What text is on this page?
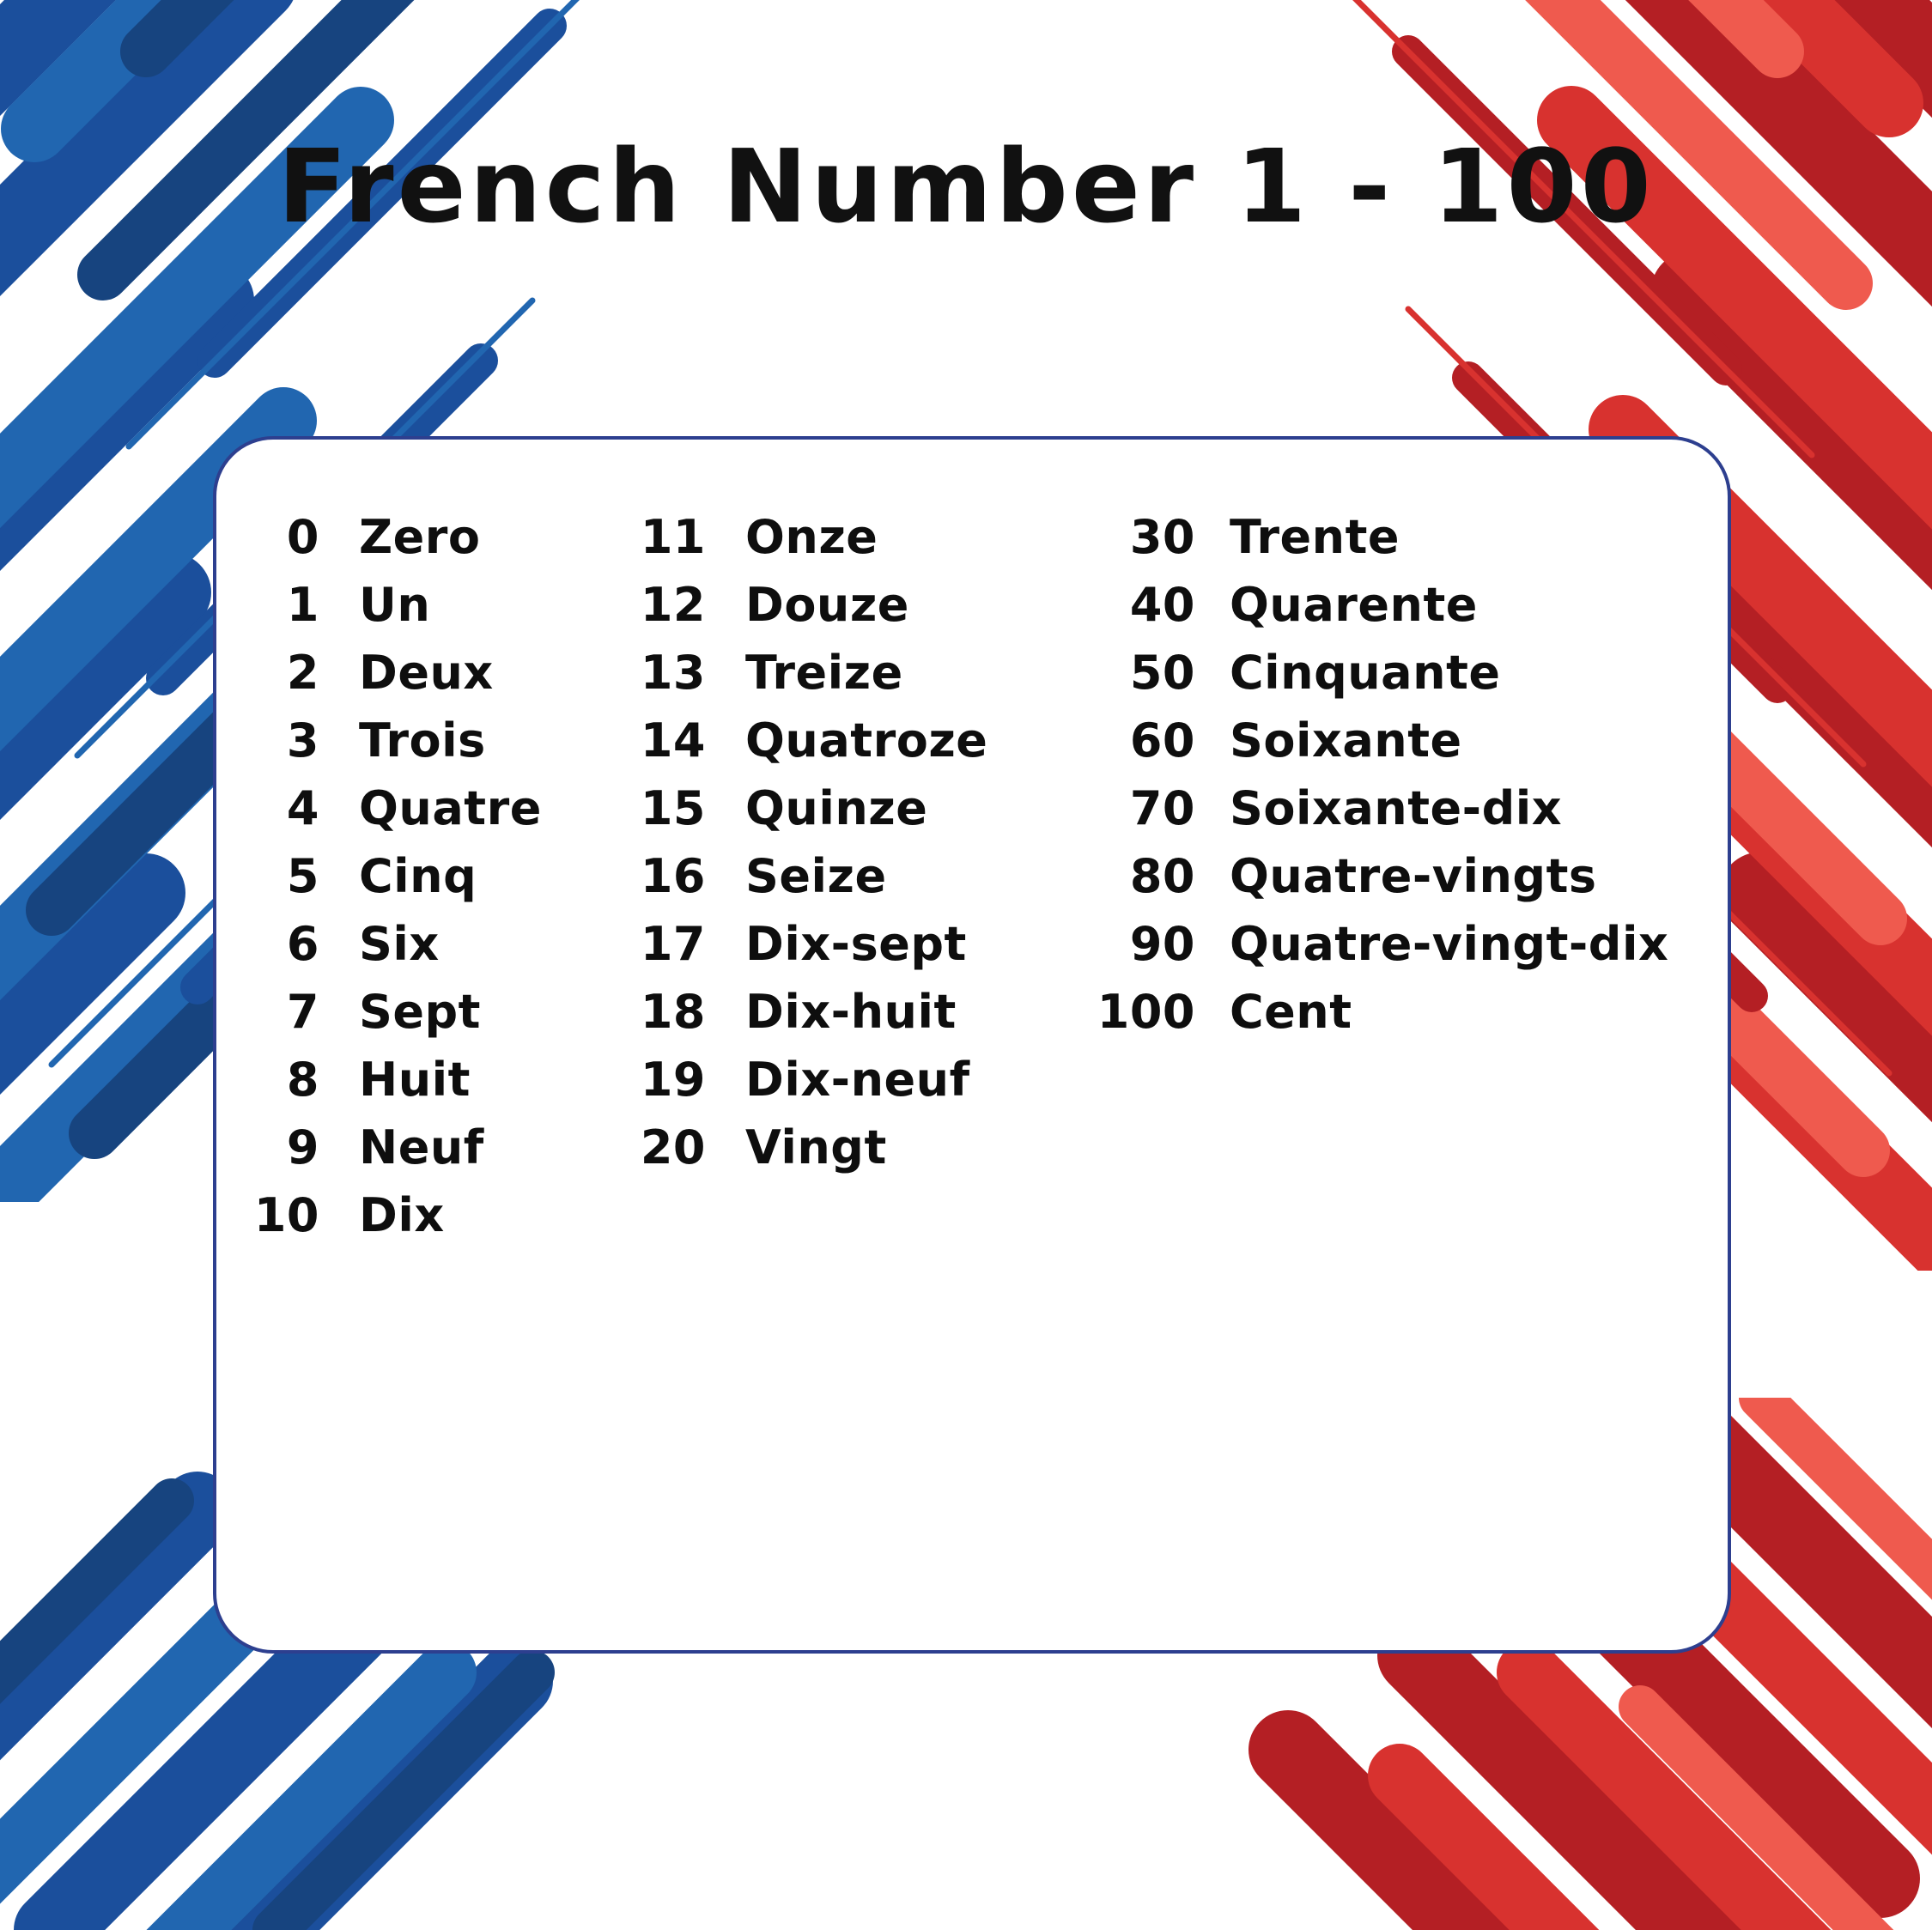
French Number 1 - 100
0 Zero
1 Un
2 Deux
3 Trois
4 Quatre
5 Cinq
6 Six
7 Sept
8 Huit
9 Neuf
10 Dix
11 Onze
12 Douze
13 Treize
14 Quatroze
15 Quinze
16 Seize
17 Dix-sept
18 Dix-huit
19 Dix-neuf
20 Vingt
30 Trente
40 Quarente
50 Cinquante
60 Soixante
70 Soixante-dix
80 Quatre-vingts
90 Quatre-vingt-dix
100 Cent
